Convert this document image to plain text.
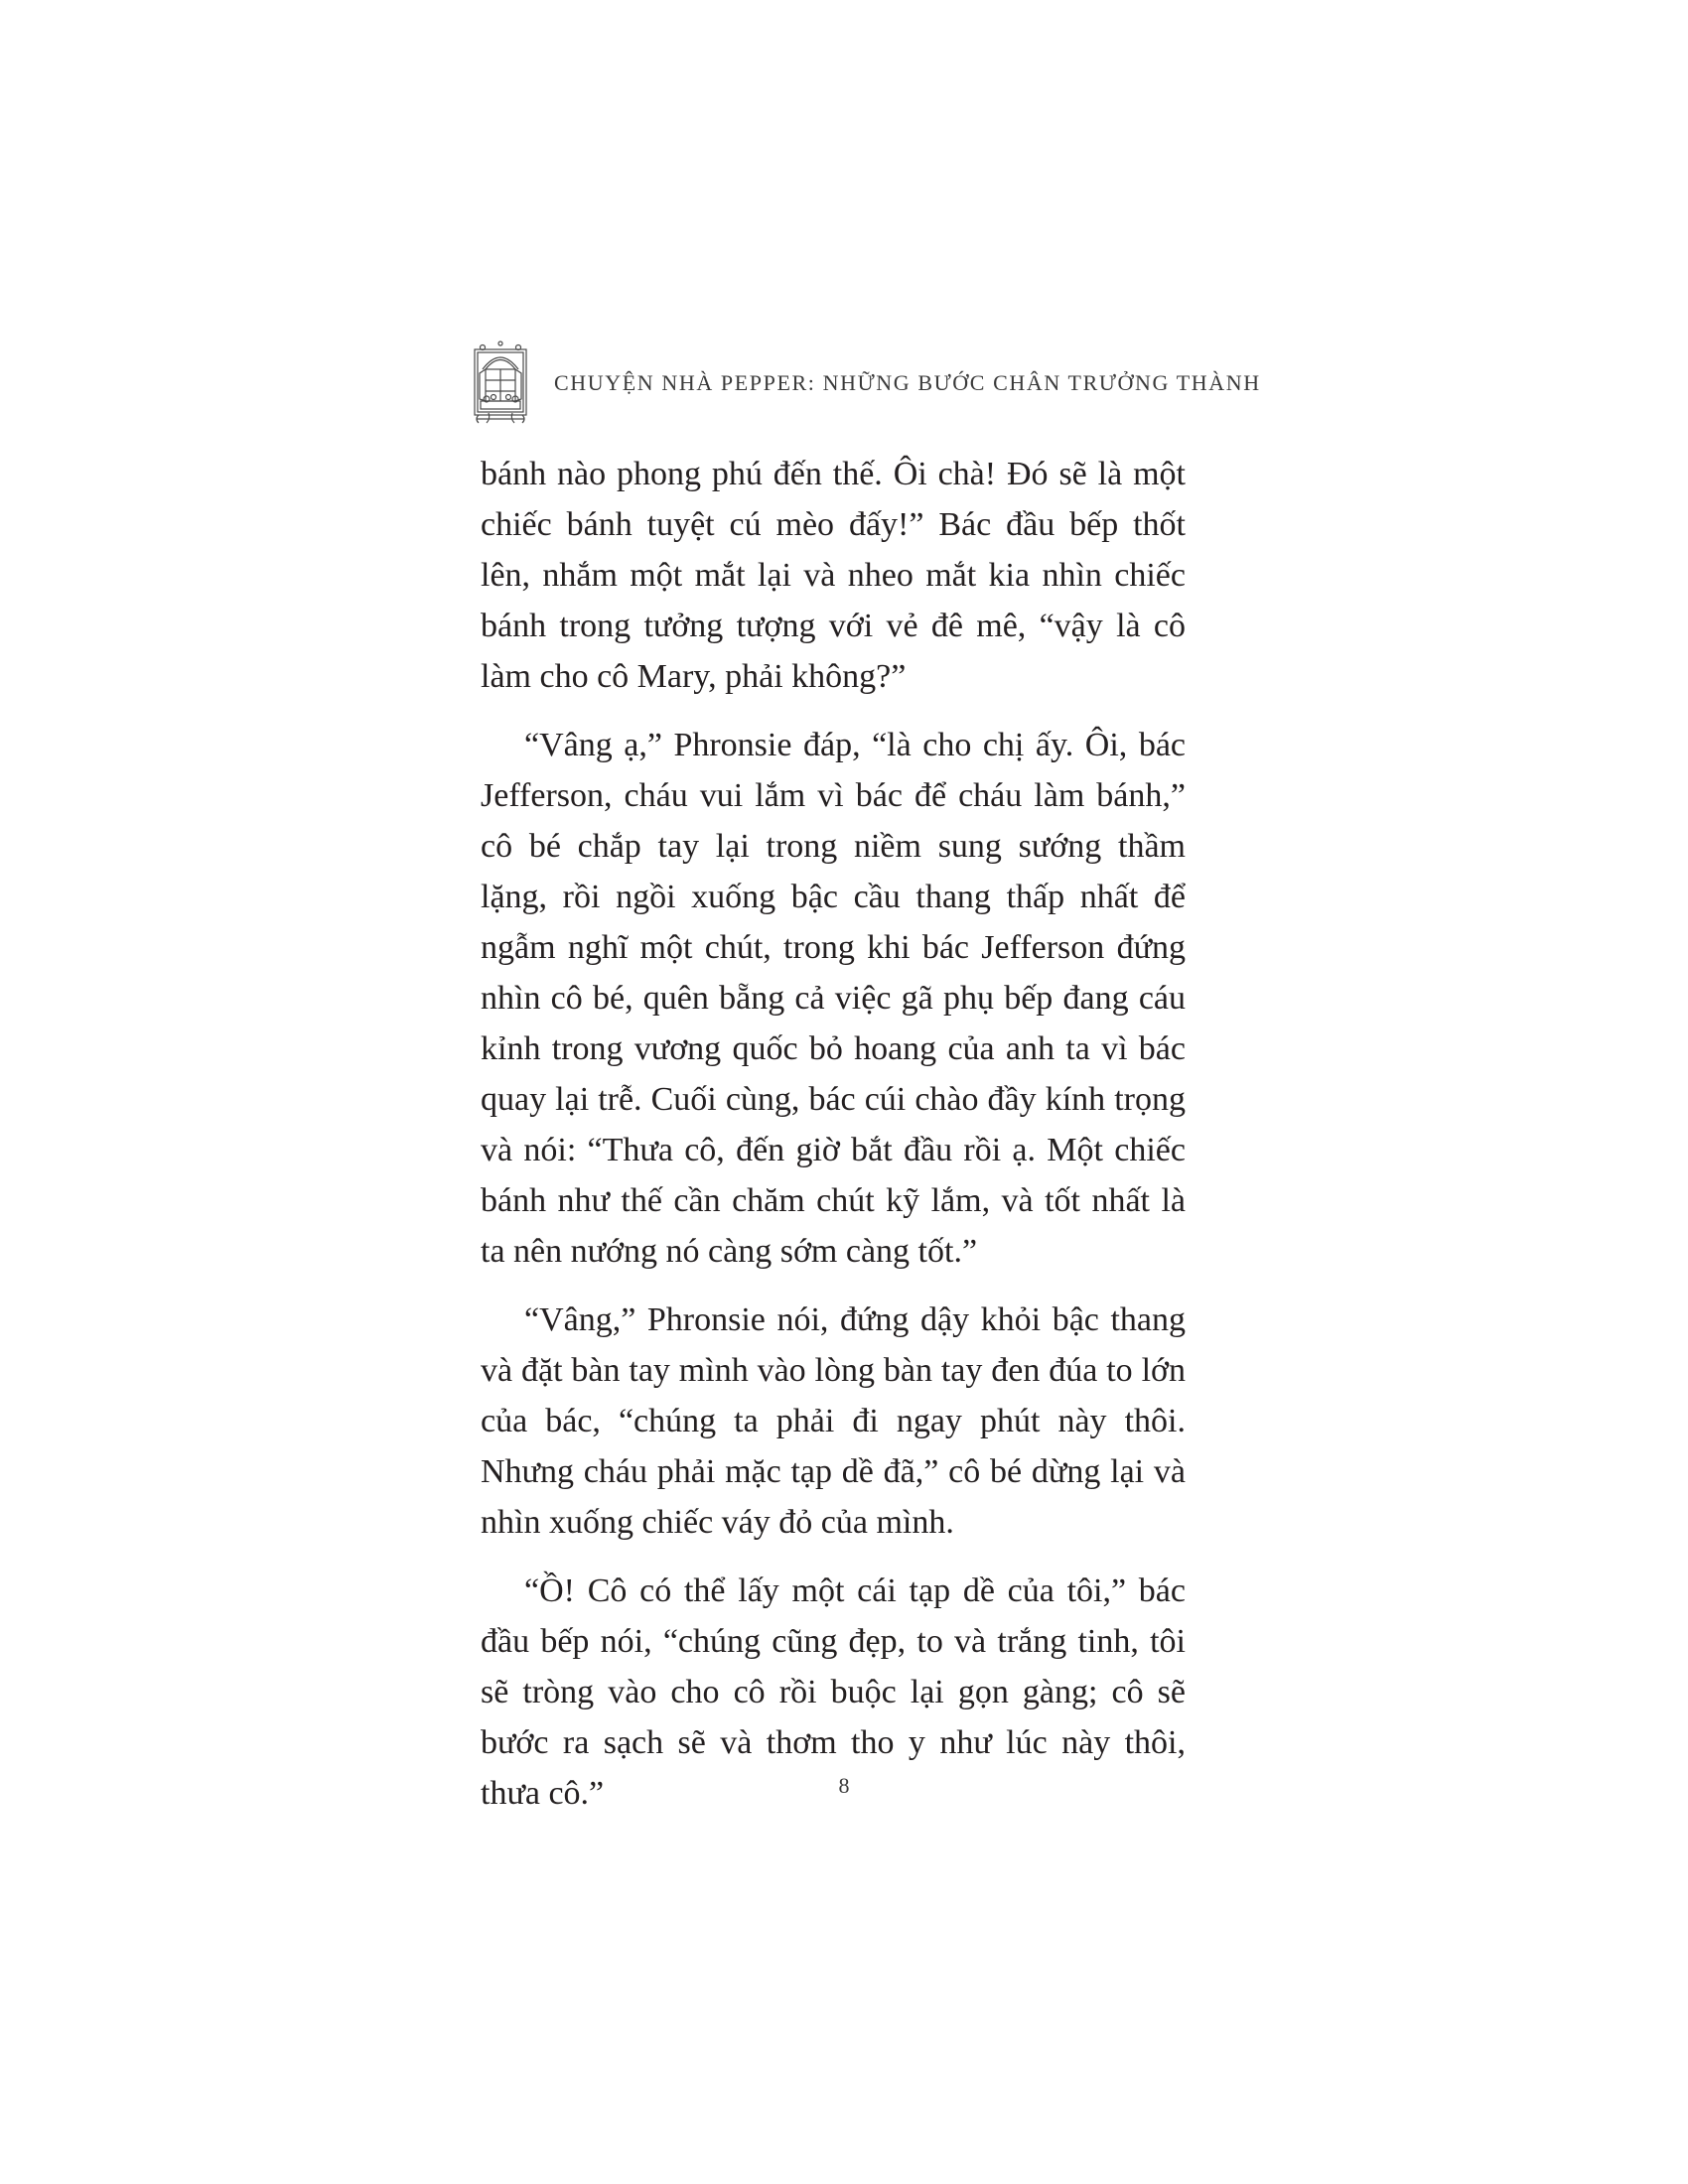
CHUYỆN NHÀ PEPPER: NHỮNG BƯỚC CHÂN TRƯỞNG THÀNH

bánh nào phong phú đến thế. Ôi chà! Đó sẽ là một chiếc bánh tuyệt cú mèo đấy!” Bác đầu bếp thốt lên, nhắm một mắt lại và nheo mắt kia nhìn chiếc bánh trong tưởng tượng với vẻ đê mê, “vậy là cô làm cho cô Mary, phải không?”

“Vâng ạ,” Phronsie đáp, “là cho chị ấy. Ôi, bác Jefferson, cháu vui lắm vì bác để cháu làm bánh,” cô bé chắp tay lại trong niềm sung sướng thầm lặng, rồi ngồi xuống bậc cầu thang thấp nhất để ngẫm nghĩ một chút, trong khi bác Jefferson đứng nhìn cô bé, quên bẵng cả việc gã phụ bếp đang cáu kỉnh trong vương quốc bỏ hoang của anh ta vì bác quay lại trễ. Cuối cùng, bác cúi chào đầy kính trọng và nói: “Thưa cô, đến giờ bắt đầu rồi ạ. Một chiếc bánh như thế cần chăm chút kỹ lắm, và tốt nhất là ta nên nướng nó càng sớm càng tốt.”

“Vâng,” Phronsie nói, đứng dậy khỏi bậc thang và đặt bàn tay mình vào lòng bàn tay đen đúa to lớn của bác, “chúng ta phải đi ngay phút này thôi. Nhưng cháu phải mặc tạp dề đã,” cô bé dừng lại và nhìn xuống chiếc váy đỏ của mình.

“Ồ! Cô có thể lấy một cái tạp dề của tôi,” bác đầu bếp nói, “chúng cũng đẹp, to và trắng tinh, tôi sẽ tròng vào cho cô rồi buộc lại gọn gàng; cô sẽ bước ra sạch sẽ và thơm tho y như lúc này thôi, thưa cô.”	8
